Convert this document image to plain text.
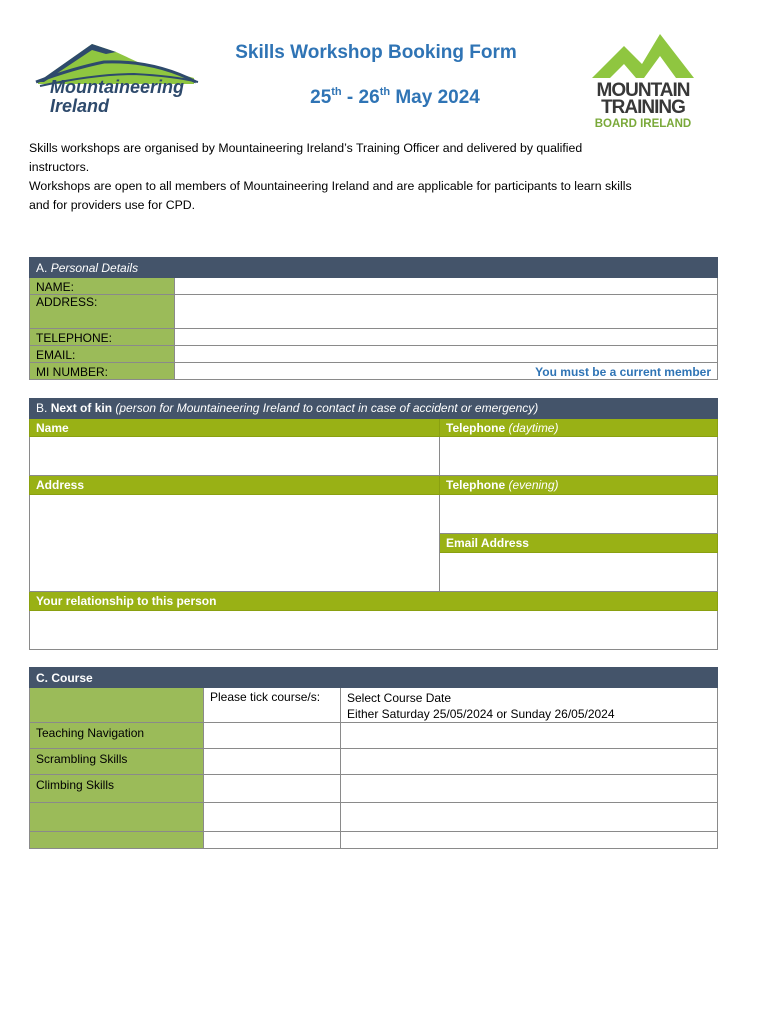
Mountaineering
Ireland
MOUNTAIN
TRAINING
BOARD IRELAND
Skills Workshop Booking Form
25th - 26th May 2024

Skills workshops are organised by Mountaineering Ireland’s Training Officer and delivered by qualified

instructors.

Workshops are open to all members of Mountaineering Ireland and are applicable for participants to learn skills

and for providers use for CPD.

A. Personal Details	
NAME:	
ADDRESS:	
TELEPHONE:	
EMAIL:	
MI NUMBER:	You must be a current member
B. Next of kin (person for Mountaineering Ireland to contact in case of accident or emergency)	
Name	Telephone (daytime)

Address	Telephone (evening)

	Email Address

Your relationship to this person	

C. Course		
	Please tick course/s:	Select Course Date
Either Saturday 25/05/2024 or Sunday 26/05/2024

Teaching Navigation		
Scrambling Skills		
Climbing Skills		
